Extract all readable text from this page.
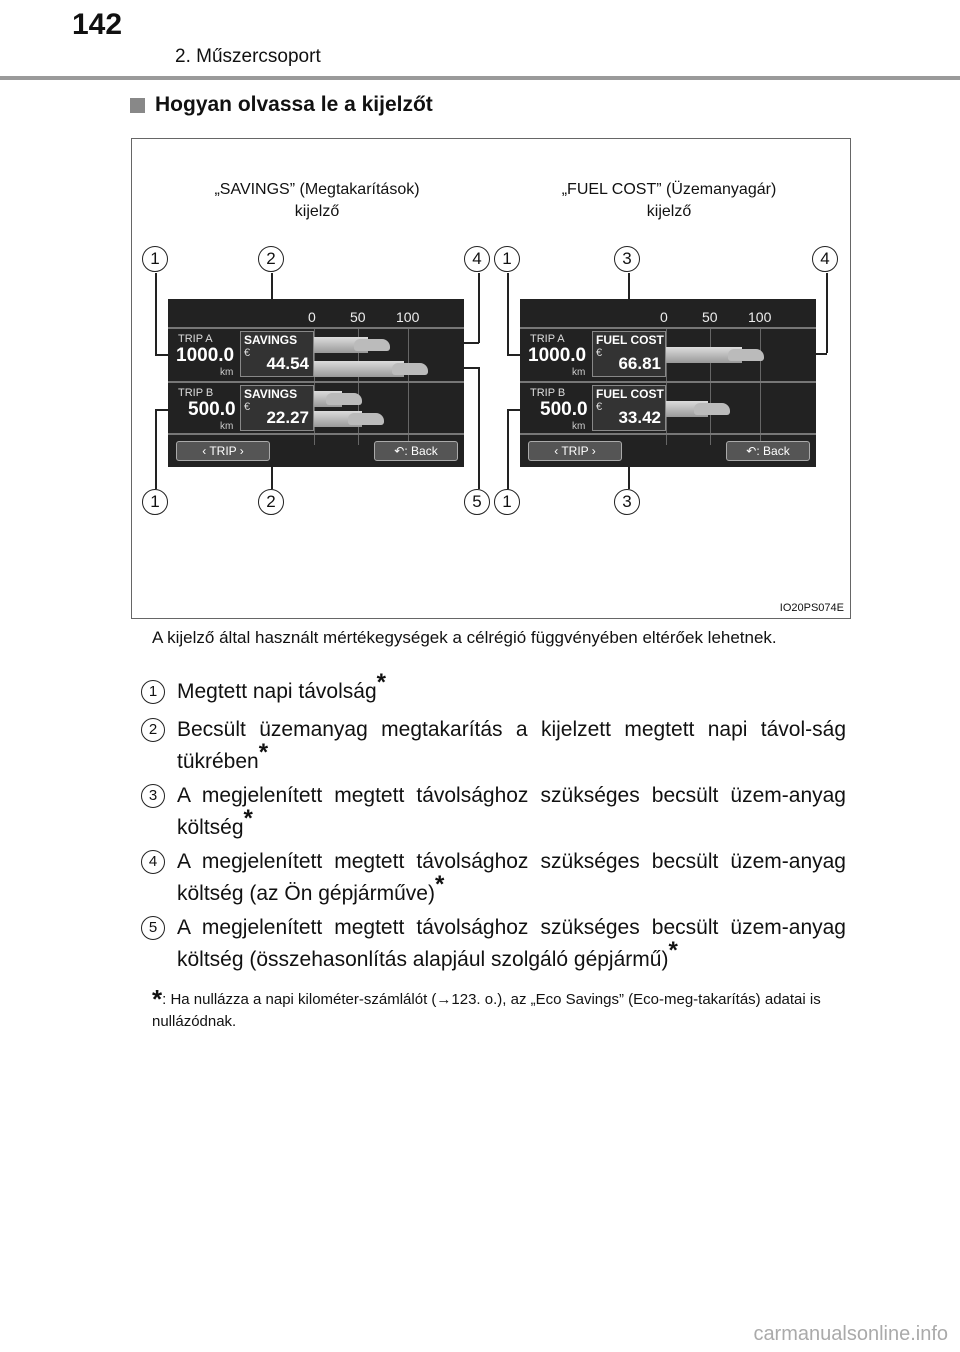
142
2. Műszercsoport
Hogyan olvassa le a kijelzőt
„SAVINGS” (Megtakarítások)
kijelző
„FUEL COST” (Üzemanyagár)
kijelző
1	2	4
1	2	5
1	3	4
1	3
0 50 100
TRIP A
1000.0
km
SAVINGS
€
44.54
TRIP B
500.0
km
SAVINGS
€
22.27
‹ TRIP ›	↶: Back
0 50 100
TRIP A
1000.0
km
FUEL COST
€
66.81
TRIP B
500.0
km
FUEL COST
€
33.42
‹ TRIP ›	↶: Back
IO20PS074E
A kijelző által használt mértékegységek a célrégió függvényében eltérőek lehetnek.
1 Megtett napi távolság*
2 Becsült üzemanyag megtakarítás a kijelzett megtett napi távol-ság tükrében*
3 A megjelenített megtett távolsághoz szükséges becsült üzem-anyag költség*
4 A megjelenített megtett távolsághoz szükséges becsült üzem-anyag költség (az Ön gépjárműve)*
5 A megjelenített megtett távolsághoz szükséges becsült üzem-anyag költség (összehasonlítás alapjául szolgáló gépjármű)*
*: Ha nullázza a napi kilométer-számlálót (→123. o.), az „Eco Savings” (Eco-meg-takarítás) adatai is nullázódnak.
carmanualsonline.info
